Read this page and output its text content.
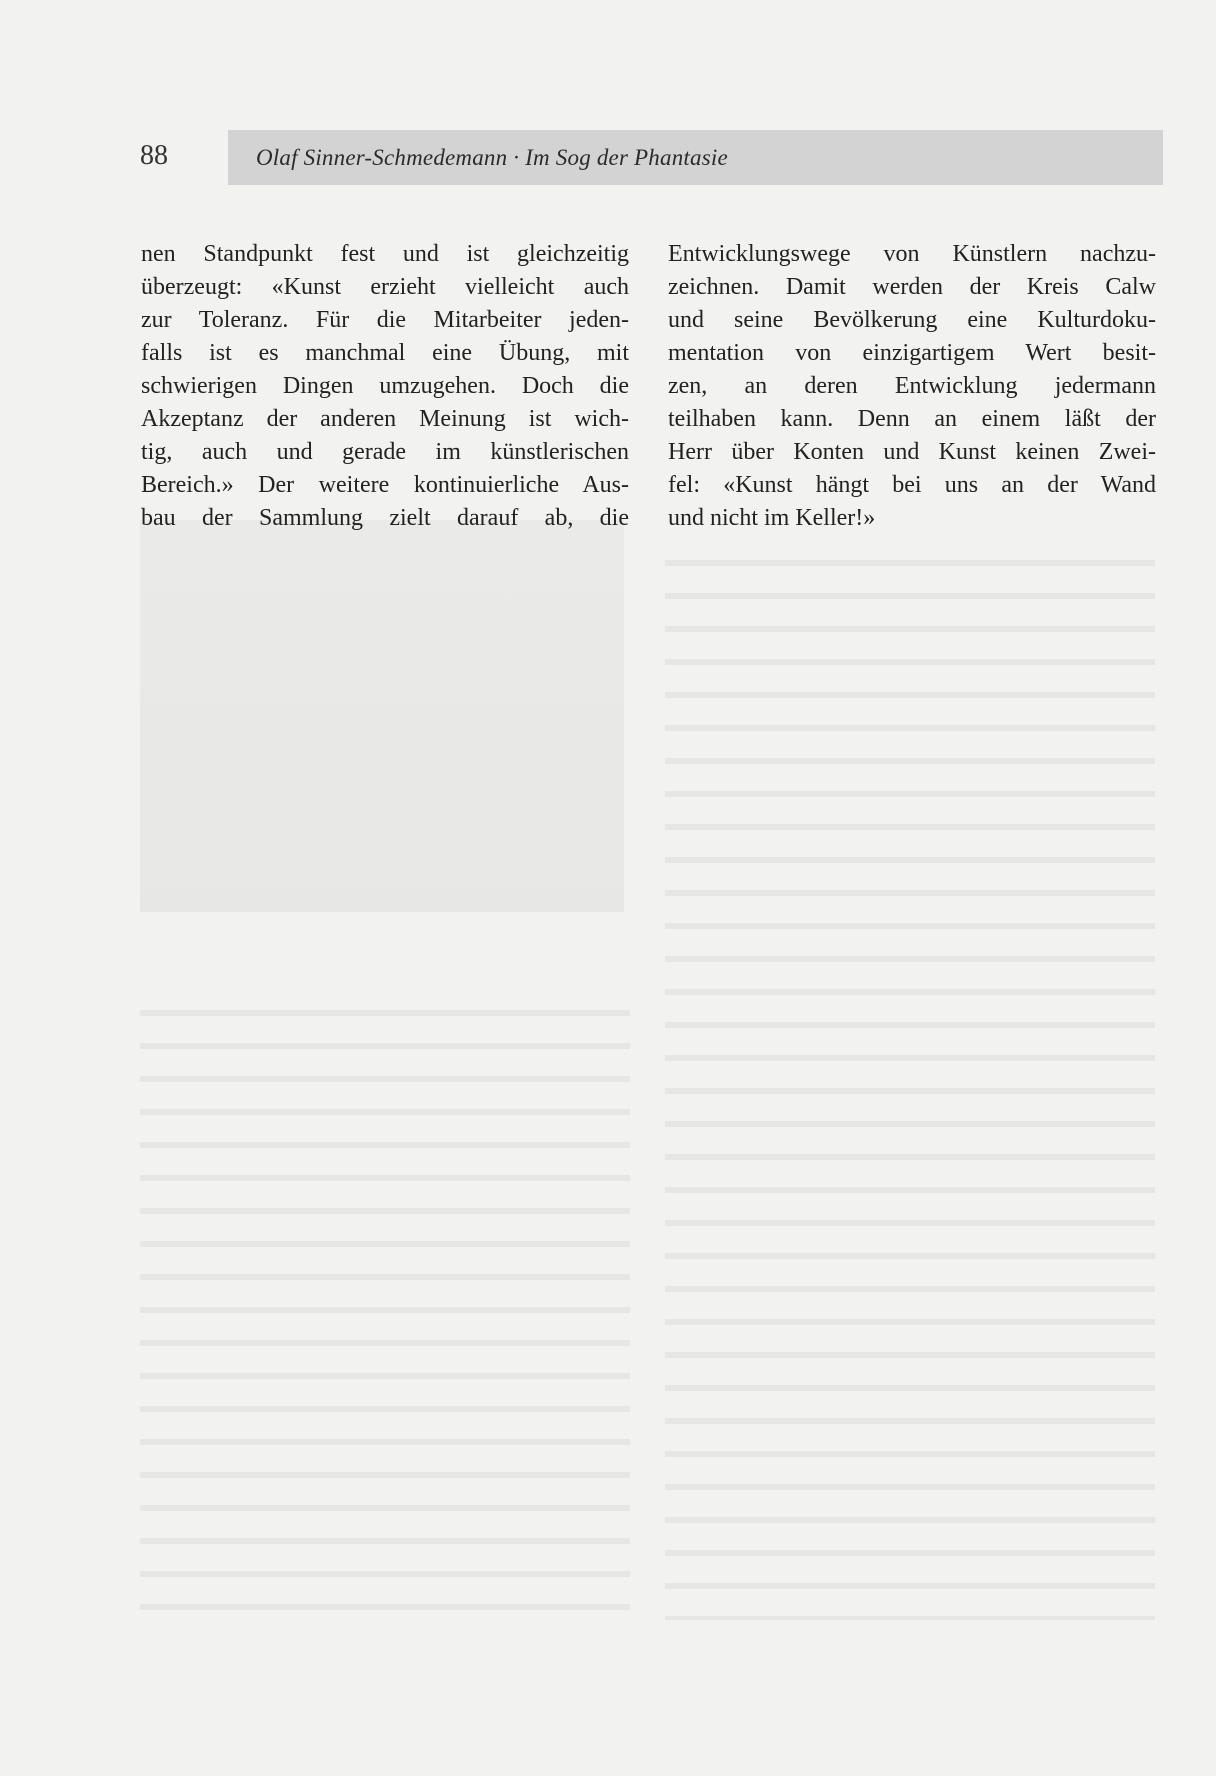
88	Olaf Sinner-Schmedemann · Im Sog der Phantasie
nen Standpunkt fest und ist gleichzeitig
überzeugt: «Kunst erzieht vielleicht auch
zur Toleranz. Für die Mitarbeiter jeden-
falls ist es manchmal eine Übung, mit
schwierigen Dingen umzugehen. Doch die
Akzeptanz der anderen Meinung ist wich-
tig, auch und gerade im künstlerischen
Bereich.» Der weitere kontinuierliche Aus-
bau der Sammlung zielt darauf ab, die
Entwicklungswege von Künstlern nachzu-
zeichnen. Damit werden der Kreis Calw
und seine Bevölkerung eine Kulturdoku-
mentation von einzigartigem Wert besit-
zen, an deren Entwicklung jedermann
teilhaben kann. Denn an einem läßt der
Herr über Konten und Kunst keinen Zwei-
fel: «Kunst hängt bei uns an der Wand
und nicht im Keller!»
